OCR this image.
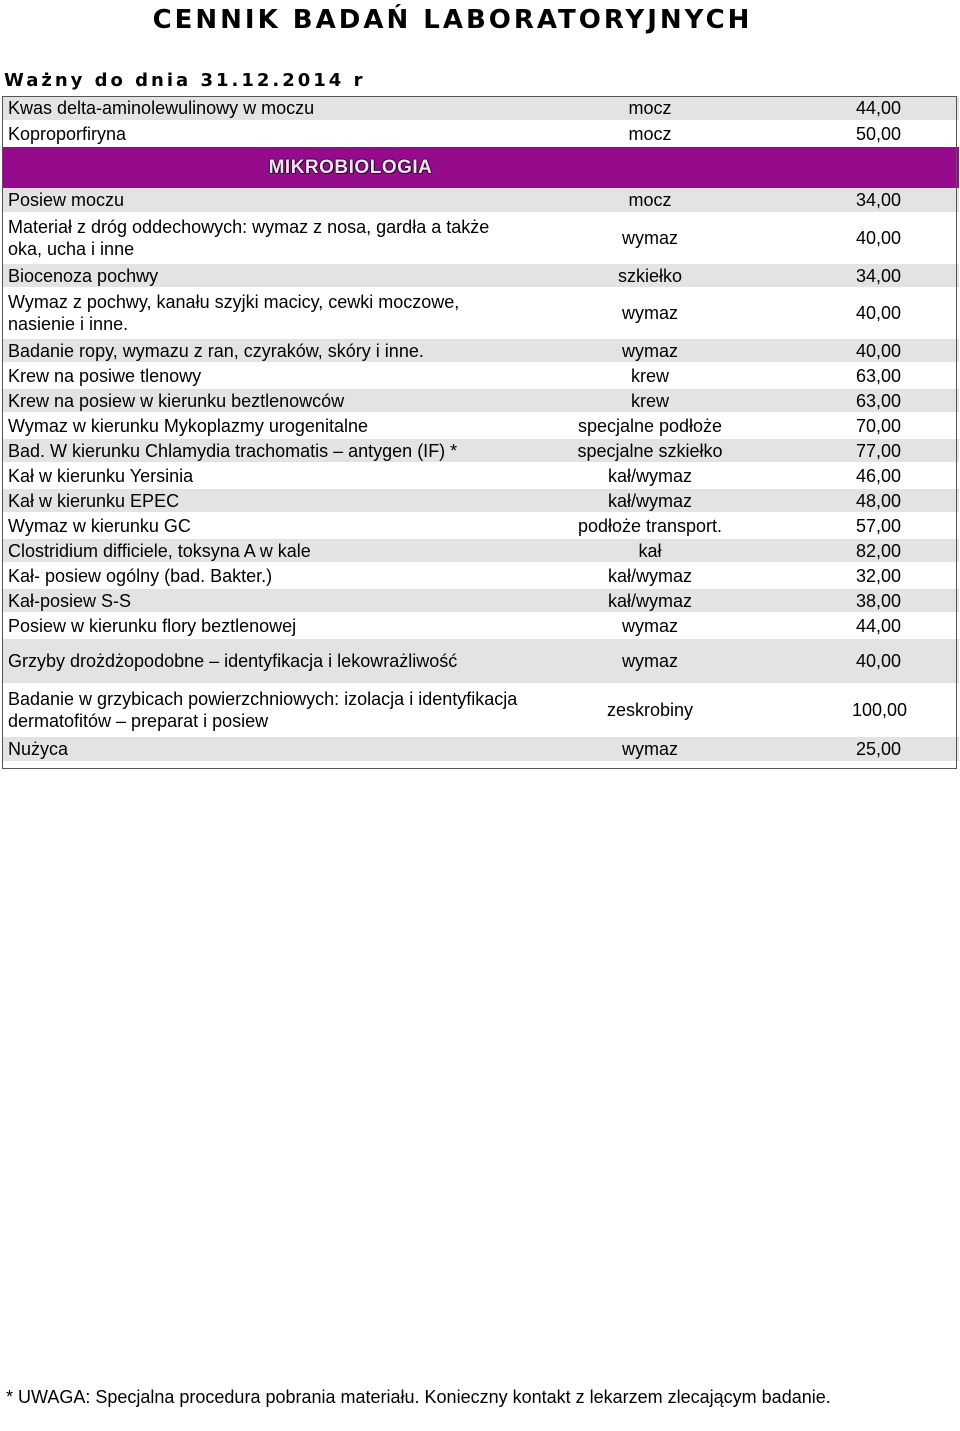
CENNIK BADAŃ LABORATORYJNYCH
Ważny do dnia 31.12.2014 r
Kwas delta-aminolewulinowy w moczu	mocz	44,00
Koproporfiryna	mocz	50,00
MIKROBIOLOGIA		
Posiew moczu	mocz	34,00
Materiał z dróg oddechowych: wymaz z nosa, gardła a także oka, ucha i inne	wymaz	40,00
Biocenoza pochwy	szkiełko	34,00
Wymaz z pochwy, kanału szyjki macicy, cewki moczowe, nasienie i inne.	wymaz	40,00
Badanie ropy, wymazu z ran, czyraków, skóry i inne.	wymaz	40,00
Krew na posiwe tlenowy	krew	63,00
Krew na posiew w kierunku beztlenowców	krew	63,00
Wymaz w kierunku Mykoplazmy urogenitalne	specjalne podłoże	70,00
Bad. W kierunku Chlamydia trachomatis – antygen (IF) *	specjalne szkiełko	77,00
Kał w kierunku Yersinia	kał/wymaz	46,00
Kał w kierunku EPEC	kał/wymaz	48,00
Wymaz w kierunku GC	podłoże transport.	57,00
Clostridium difficiele, toksyna A w kale	kał	82,00
Kał- posiew ogólny (bad. Bakter.)	kał/wymaz	32,00
Kał-posiew S-S	kał/wymaz	38,00
Posiew w kierunku flory beztlenowej	wymaz	44,00
Grzyby drożdżopodobne – identyfikacja i lekowrażliwość	wymaz	40,00
Badanie w grzybicach powierzchniowych: izolacja i identyfikacja dermatofitów – preparat i posiew	zeskrobiny	100,00
Nużyca	wymaz	25,00
* UWAGA: Specjalna procedura pobrania materiału. Konieczny kontakt z lekarzem zlecającym badanie.
